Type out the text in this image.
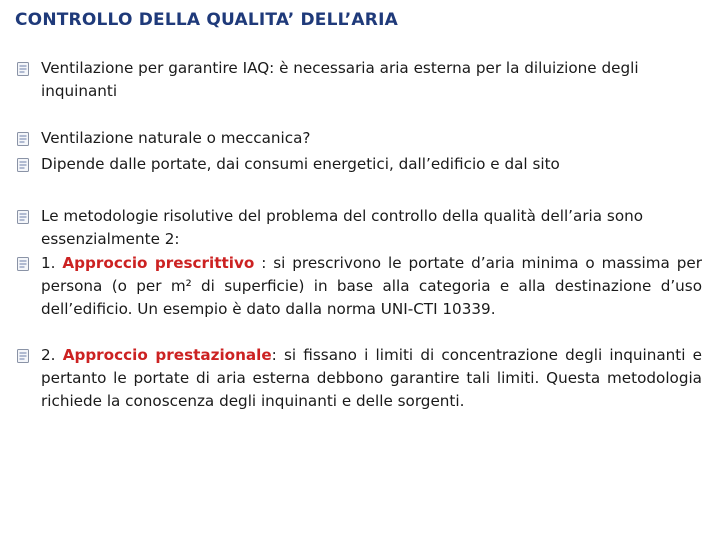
CONTROLLO DELLA QUALITA’ DELL’ARIA
Ventilazione per garantire IAQ: è necessaria aria esterna per la diluizione degli inquinanti
Ventilazione naturale o meccanica?
Dipende dalle portate, dai consumi energetici, dall’edificio e dal sito
Le metodologie risolutive del problema del controllo della qualità dell’aria sono essenzialmente 2:
1. Approccio prescrittivo : si prescrivono le portate d’aria minima o massima per persona (o per m² di superficie) in base alla categoria e alla destinazione d’uso dell’edificio. Un esempio è dato dalla norma UNI-CTI 10339.
2. Approccio prestazionale: si fissano i limiti di concentrazione degli inquinanti e pertanto le portate di aria esterna debbono garantire tali limiti. Questa metodologia richiede la conoscenza degli inquinanti e delle sorgenti.
